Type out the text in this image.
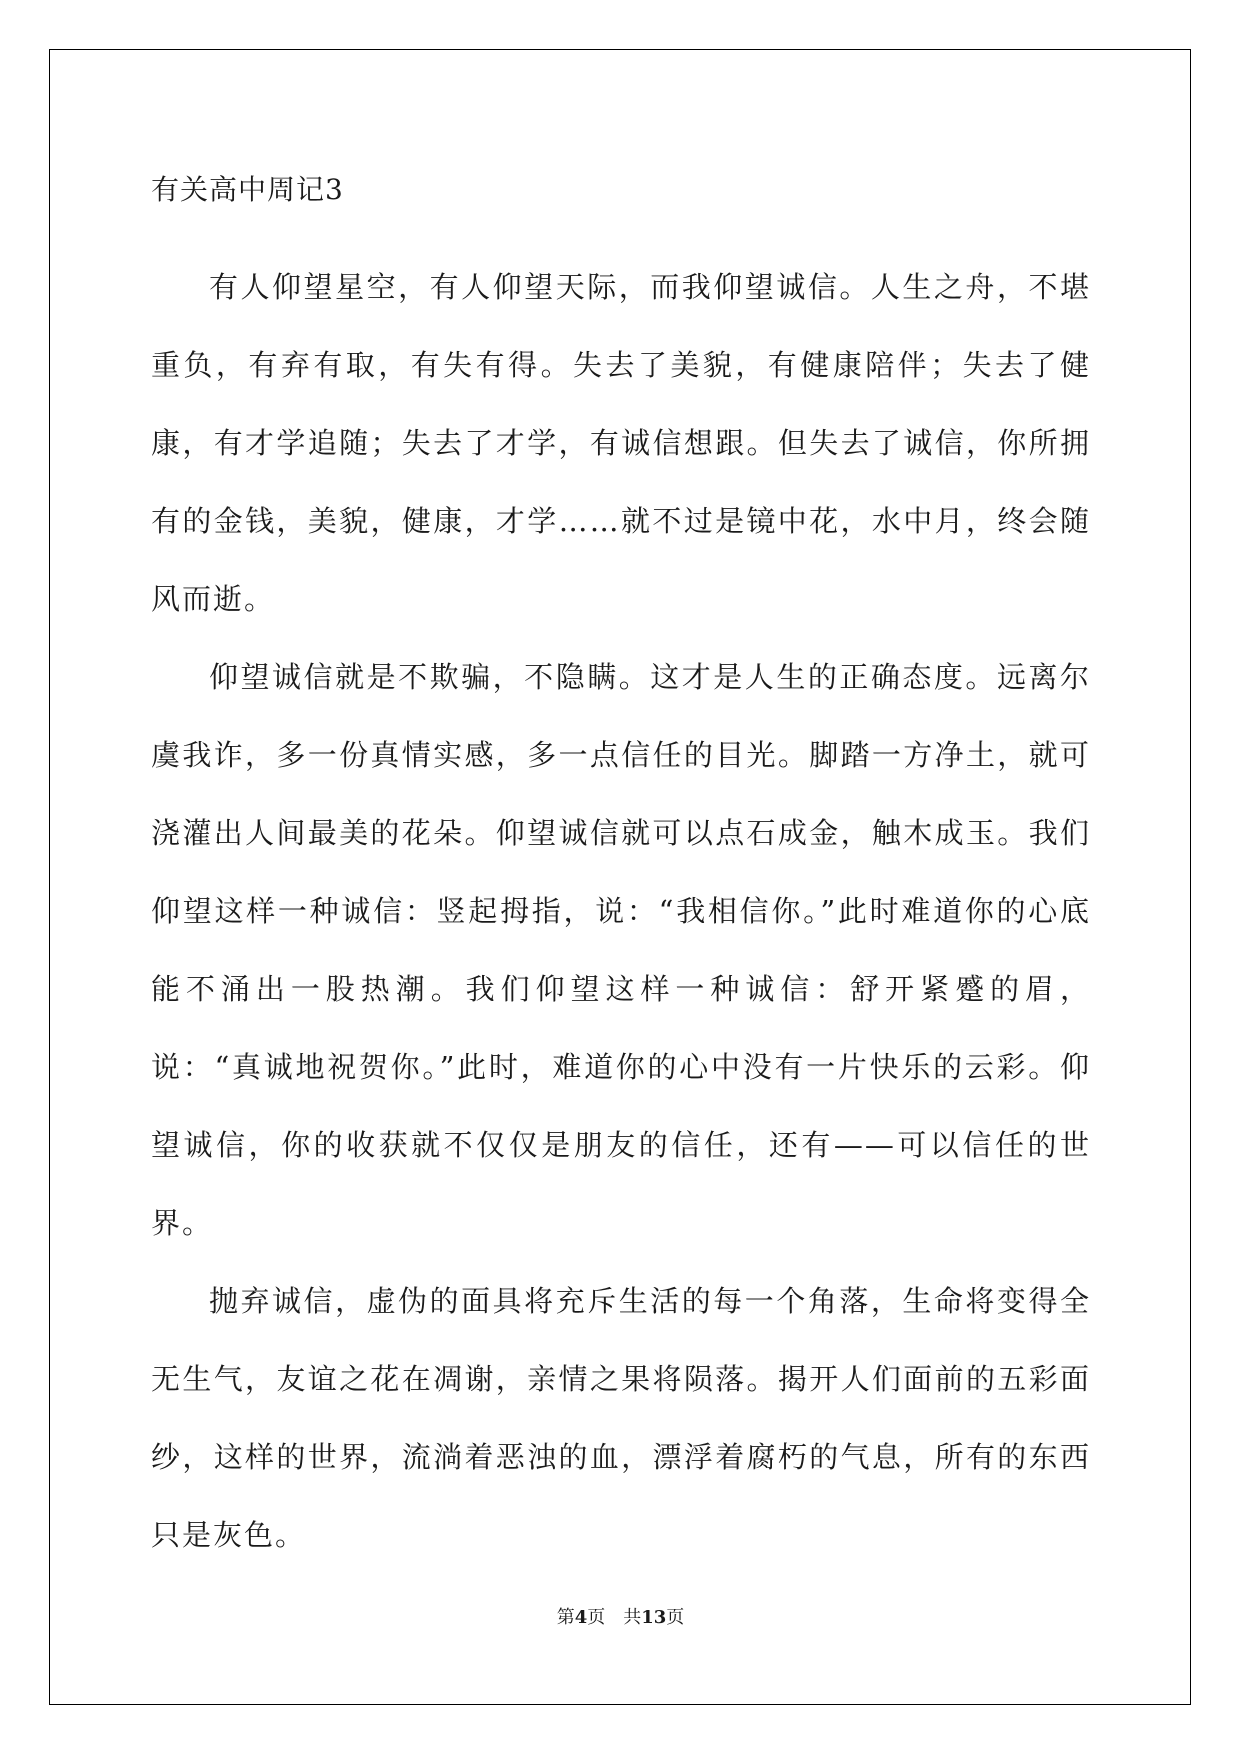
有关高中周记3

有人仰望星空，有人仰望天际，而我仰望诚信。人生之舟，不堪重负，有弃有取，有失有得。失去了美貌，有健康陪伴；失去了健康，有才学追随；失去了才学，有诚信想跟。但失去了诚信，你所拥有的金钱，美貌，健康，才学……就不过是镜中花，水中月，终会随风而逝。

仰望诚信就是不欺骗，不隐瞒。这才是人生的正确态度。远离尔虞我诈，多一份真情实感，多一点信任的目光。脚踏一方净土，就可浇灌出人间最美的花朵。仰望诚信就可以点石成金，触木成玉。我们仰望这样一种诚信：竖起拇指，说：“我相信你。”此时难道你的心底能不涌出一股热潮。我们仰望这样一种诚信：舒开紧蹙的眉，说：“真诚地祝贺你。”此时，难道你的心中没有一片快乐的云彩。仰望诚信，你的收获就不仅仅是朋友的信任，还有——可以信任的世界。

抛弃诚信，虚伪的面具将充斥生活的每一个角落，生命将变得全无生气，友谊之花在凋谢，亲情之果将陨落。揭开人们面前的五彩面纱，这样的世界，流淌着恶浊的血，漂浮着腐朽的气息，所有的东西只是灰色。

第4页 共13页
